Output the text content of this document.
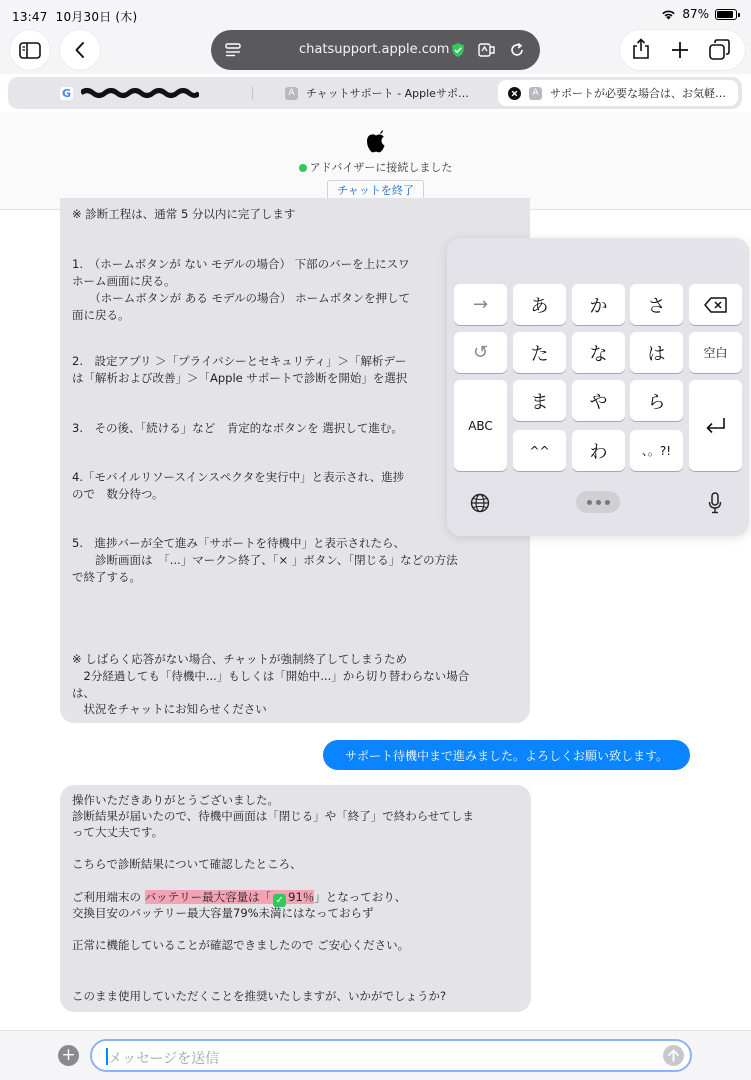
13:47 10月30日 (木)	87%
chatsupport.apple.com
G	A	チャットサポート - Appleサポ…	A	サポートが必要な場合は、お気軽…
アドバイザーに接続しました
チャットを終了
※ 診断工程は、通常 5 分以内に完了します
1.　（ホームボタンが ない モデルの場合） 下部のバーを上にスワ
ホーム画面に戻る。
　　（ホームボタンが ある モデルの場合） ホームボタンを押して
面に戻る。
2.　設定アプリ ＞「プライバシーとセキュリティ」＞「解析デー
は「解析および改善」＞「Apple サポートで診断を開始」を選択
3.　その後、「続ける」など　肯定的なボタンを 選択して進む。
4.「モバイルリソースインスペクタを実行中」と表示され、進捗
ので　数分待つ。
5.　進捗バーが全て進み「サポートを待機中」と表示されたら、
　　診断画面は　「...」マーク＞終了、「× 」ボタン、「閉じる」などの方法
で終了する。
※ しばらく応答がない場合、チャットが強制終了してしまうため
　2分経過しても「待機中...」もしくは「開始中...」から切り替わらない場合
は、
　状況をチャットにお知らせください
サポート待機中まで進みました。よろしくお願い致します。
操作いただきありがとうございました。
診断結果が届いたので、待機中画面は「閉じる」や「終了」で終わらせてしま
って大丈夫です。
こちらで診断結果について確認したところ、
ご利用端末の バッテリー最大容量は「 ✓ 91％」となっており、
交換目安のバッテリー最大容量79%未満にはなっておらず
正常に機能していることが確認できましたので ご安心ください。
このまま使用していただくことを推奨いたしますが、いかがでしょうか?
→	あ	か	さ
↺	た	な	は	空白
ABC
ま	や	ら
^^	わ	、。?!
+ メッセージを送信
